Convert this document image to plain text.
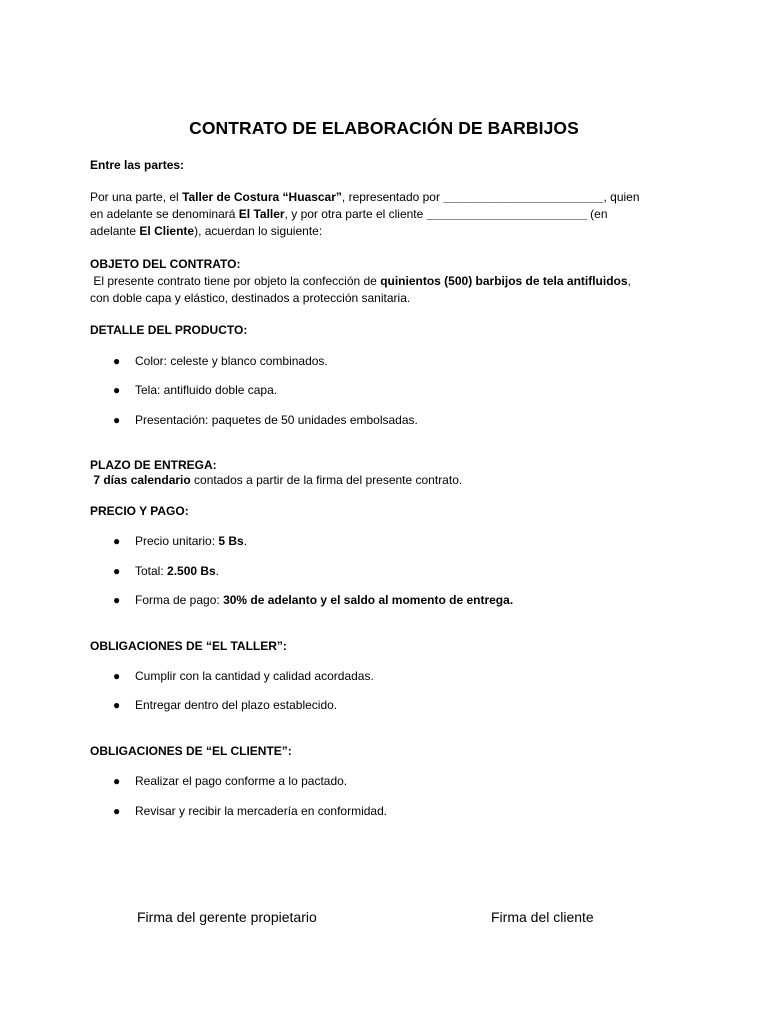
CONTRATO DE ELABORACIÓN DE BARBIJOS
Entre las partes:
Por una parte, el Taller de Costura “Huascar”, representado por ________________________, quien
en adelante se denominará El Taller, y por otra parte el cliente ________________________ (en
adelante El Cliente), acuerdan lo siguiente:
OBJETO DEL CONTRATO:
El presente contrato tiene por objeto la confección de quinientos (500) barbijos de tela antifluidos,
con doble capa y elástico, destinados a protección sanitaria.
DETALLE DEL PRODUCTO:
● Color: celeste y blanco combinados.
● Tela: antifluido doble capa.
● Presentación: paquetes de 50 unidades embolsadas.
PLAZO DE ENTREGA:
7 días calendario contados a partir de la firma del presente contrato.
PRECIO Y PAGO:
● Precio unitario: 5 Bs.
● Total: 2.500 Bs.
● Forma de pago: 30% de adelanto y el saldo al momento de entrega.
OBLIGACIONES DE “EL TALLER”:
● Cumplir con la cantidad y calidad acordadas.
● Entregar dentro del plazo establecido.
OBLIGACIONES DE “EL CLIENTE”:
● Realizar el pago conforme a lo pactado.
● Revisar y recibir la mercadería en conformidad.
Firma del gerente propietario	Firma del cliente
